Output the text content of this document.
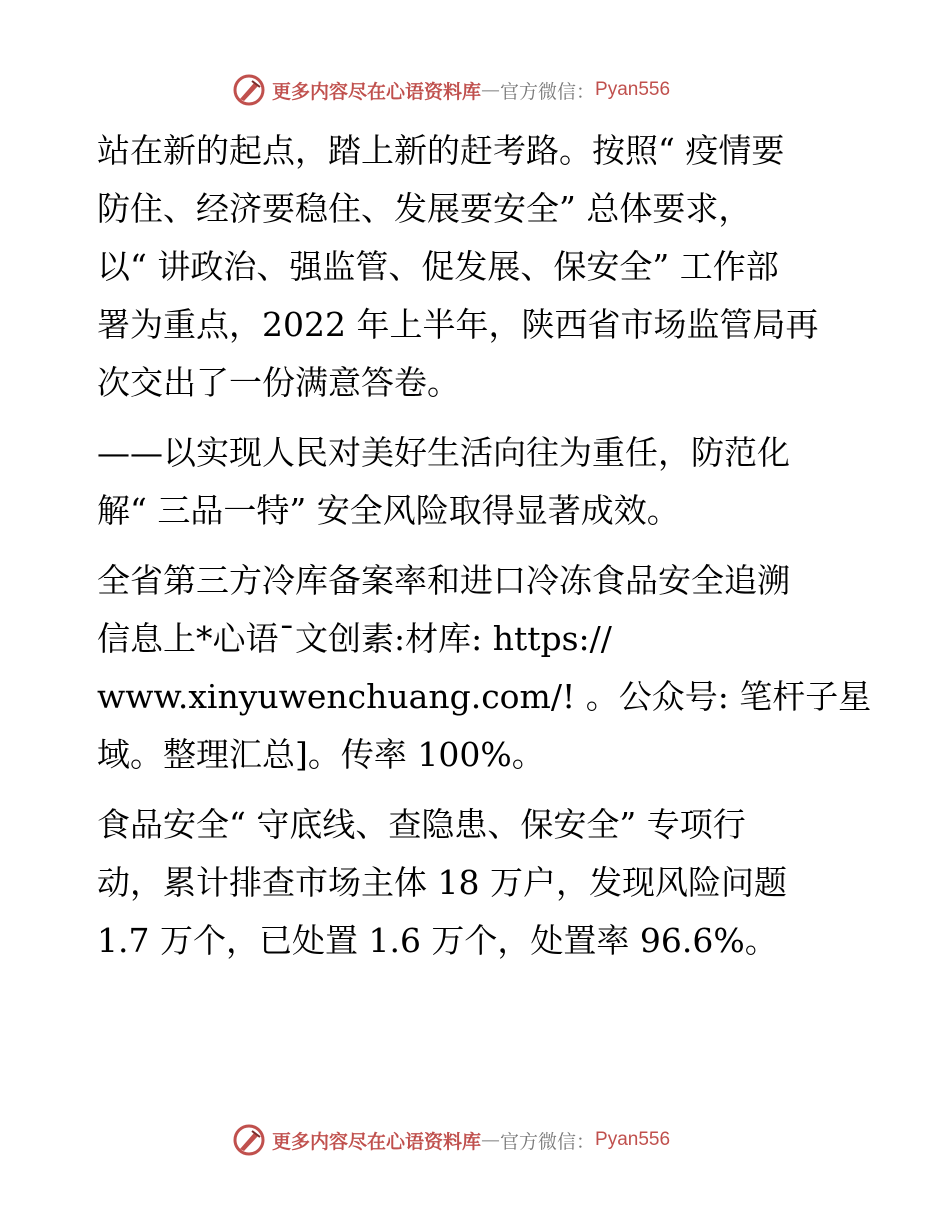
更多内容尽在心语资料库 — 官方微信： Pyan556

站在新的起点，踏上新的赶考路。按照“ 疫情要
防住、经济要稳住、发展要安全” 总体要求，
以“ 讲政治、强监管、促发展、保安全” 工作部
署为重点，2022 年上半年，陕西省市场监管局再
次交出了一份满意答卷。

——以实现人民对美好生活向往为重任，防范化
解“ 三品一特” 安全风险取得显著成效。

全省第三方冷库备案率和进口冷冻食品安全追溯
信息上*心语¯文创素:材库: https://
www.xinyuwenchuang.com/! 。公众号: 笔杆子星
域。整理汇总]。传率 100%。

食品安全“ 守底线、查隐患、保安全” 专项行
动，累计排查市场主体 18 万户，发现风险问题
1.7 万个，已处置 1.6 万个，处置率 96.6%。

更多内容尽在心语资料库 — 官方微信： Pyan556
